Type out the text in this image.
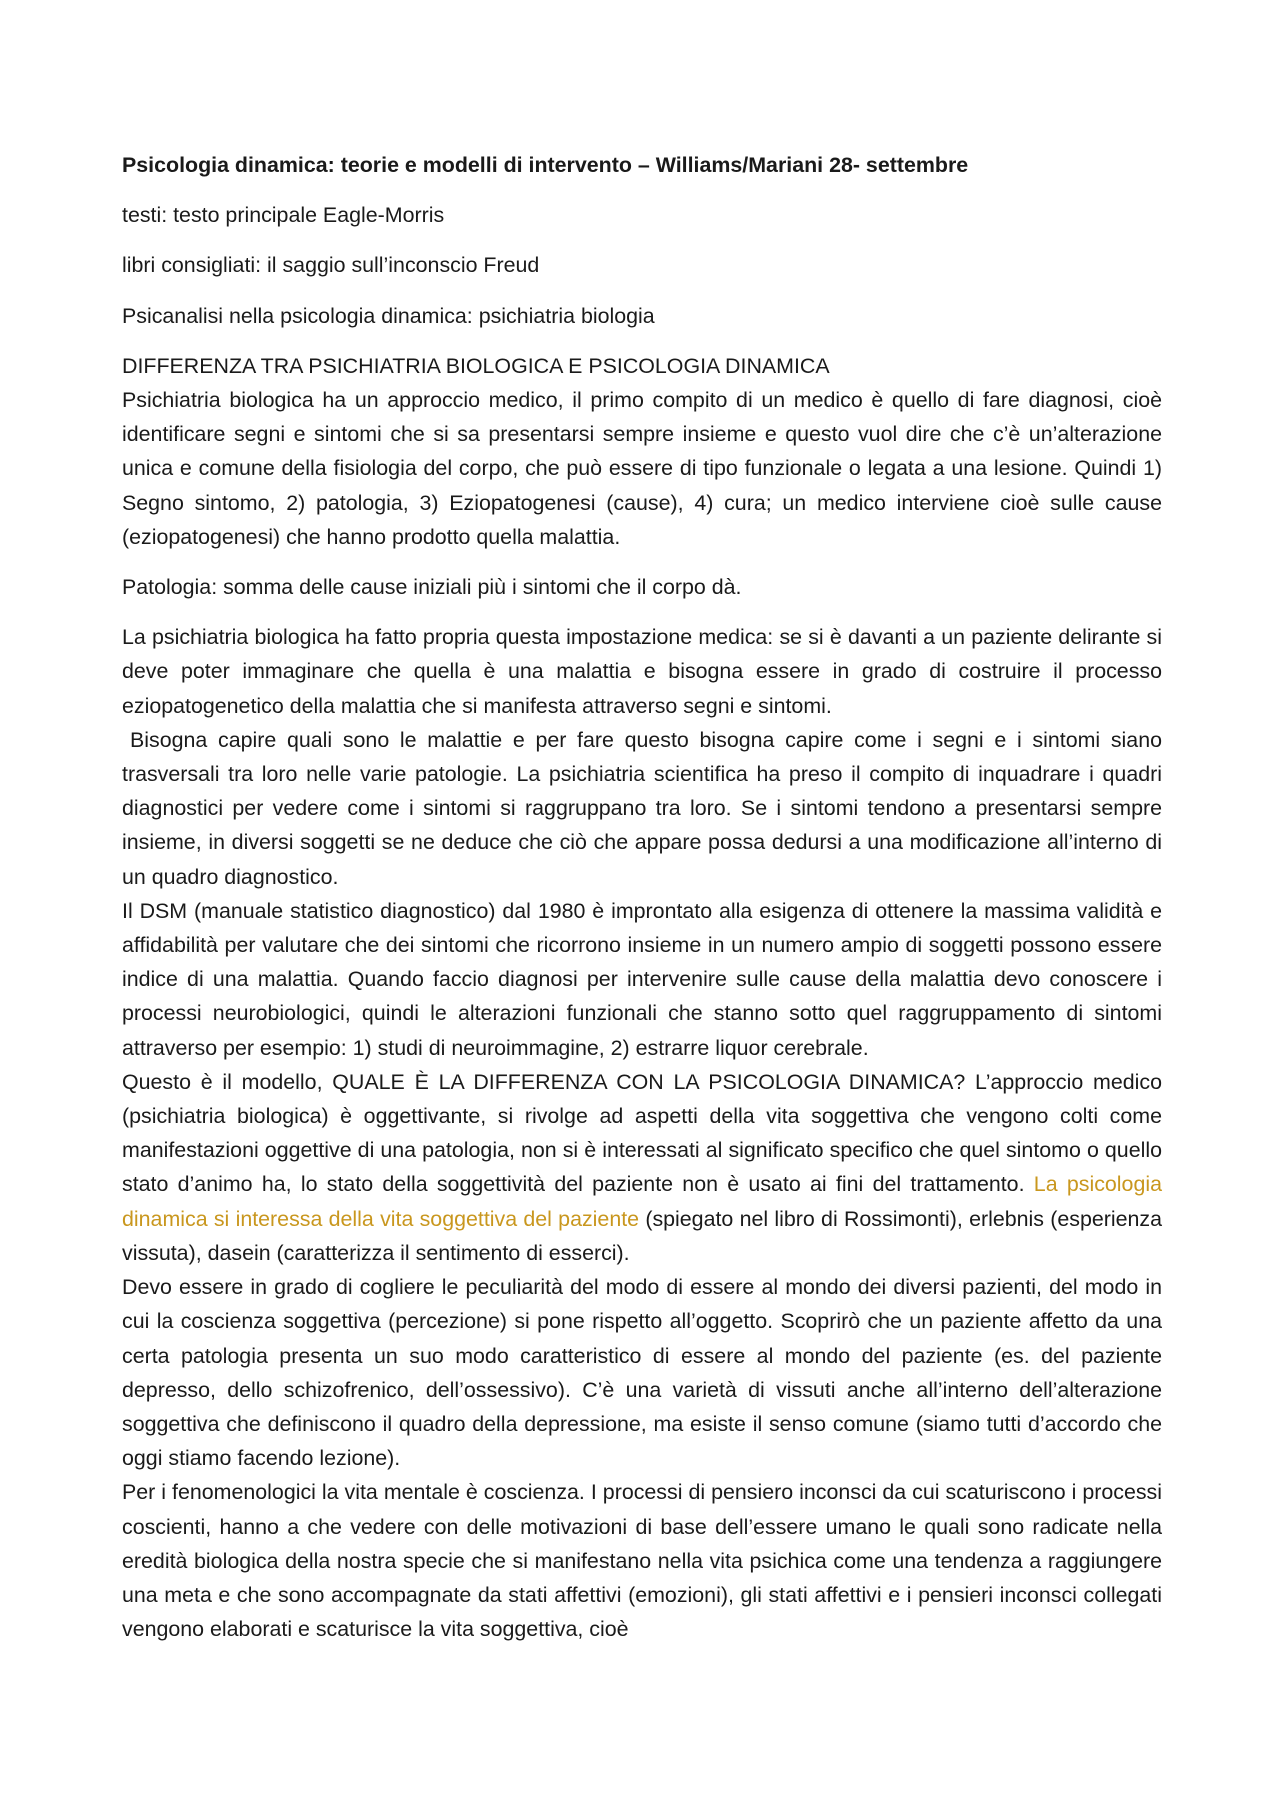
Psicologia dinamica: teorie e modelli di intervento – Williams/Mariani 28- settembre

testi: testo principale Eagle-Morris

libri consigliati: il saggio sull’inconscio Freud

Psicanalisi nella psicologia dinamica: psichiatria biologia

DIFFERENZA TRA PSICHIATRIA BIOLOGICA E PSICOLOGIA DINAMICA

Psichiatria biologica ha un approccio medico, il primo compito di un medico è quello di fare diagnosi, cioè identificare segni e sintomi che si sa presentarsi sempre insieme e questo vuol dire che c’è un’alterazione unica e comune della fisiologia del corpo, che può essere di tipo funzionale o legata a una lesione. Quindi 1) Segno sintomo, 2) patologia, 3) Eziopatogenesi (cause), 4) cura; un medico interviene cioè sulle cause (eziopatogenesi) che hanno prodotto quella malattia.

Patologia: somma delle cause iniziali più i sintomi che il corpo dà.

La psichiatria biologica ha fatto propria questa impostazione medica: se si è davanti a un paziente delirante si deve poter immaginare che quella è una malattia e bisogna essere in grado di costruire il processo eziopatogenetico della malattia che si manifesta attraverso segni e sintomi.

Bisogna capire quali sono le malattie e per fare questo bisogna capire come i segni e i sintomi siano trasversali tra loro nelle varie patologie. La psichiatria scientifica ha preso il compito di inquadrare i quadri diagnostici per vedere come i sintomi si raggruppano tra loro. Se i sintomi tendono a presentarsi sempre insieme, in diversi soggetti se ne deduce che ciò che appare possa dedursi a una modificazione all’interno di un quadro diagnostico.

Il DSM (manuale statistico diagnostico) dal 1980 è improntato alla esigenza di ottenere la massima validità e affidabilità per valutare che dei sintomi che ricorrono insieme in un numero ampio di soggetti possono essere indice di una malattia. Quando faccio diagnosi per intervenire sulle cause della malattia devo conoscere i processi neurobiologici, quindi le alterazioni funzionali che stanno sotto quel raggruppamento di sintomi attraverso per esempio: 1) studi di neuroimmagine, 2) estrarre liquor cerebrale.

Questo è il modello, QUALE È LA DIFFERENZA CON LA PSICOLOGIA DINAMICA? L’approccio medico (psichiatria biologica) è oggettivante, si rivolge ad aspetti della vita soggettiva che vengono colti come manifestazioni oggettive di una patologia, non si è interessati al significato specifico che quel sintomo o quello stato d’animo ha, lo stato della soggettività del paziente non è usato ai fini del trattamento. La psicologia dinamica si interessa della vita soggettiva del paziente (spiegato nel libro di Rossimonti), erlebnis (esperienza vissuta), dasein (caratterizza il sentimento di esserci).

Devo essere in grado di cogliere le peculiarità del modo di essere al mondo dei diversi pazienti, del modo in cui la coscienza soggettiva (percezione) si pone rispetto all’oggetto. Scoprirò che un paziente affetto da una certa patologia presenta un suo modo caratteristico di essere al mondo del paziente (es. del paziente depresso, dello schizofrenico, dell’ossessivo). C’è una varietà di vissuti anche all’interno dell’alterazione soggettiva che definiscono il quadro della depressione, ma esiste il senso comune (siamo tutti d’accordo che oggi stiamo facendo lezione).

Per i fenomenologici la vita mentale è coscienza. I processi di pensiero inconsci da cui scaturiscono i processi coscienti, hanno a che vedere con delle motivazioni di base dell’essere umano le quali sono radicate nella eredità biologica della nostra specie che si manifestano nella vita psichica come una tendenza a raggiungere una meta e che sono accompagnate da stati affettivi (emozioni), gli stati affettivi e i pensieri inconsci collegati vengono elaborati e scaturisce la vita soggettiva, cioè
